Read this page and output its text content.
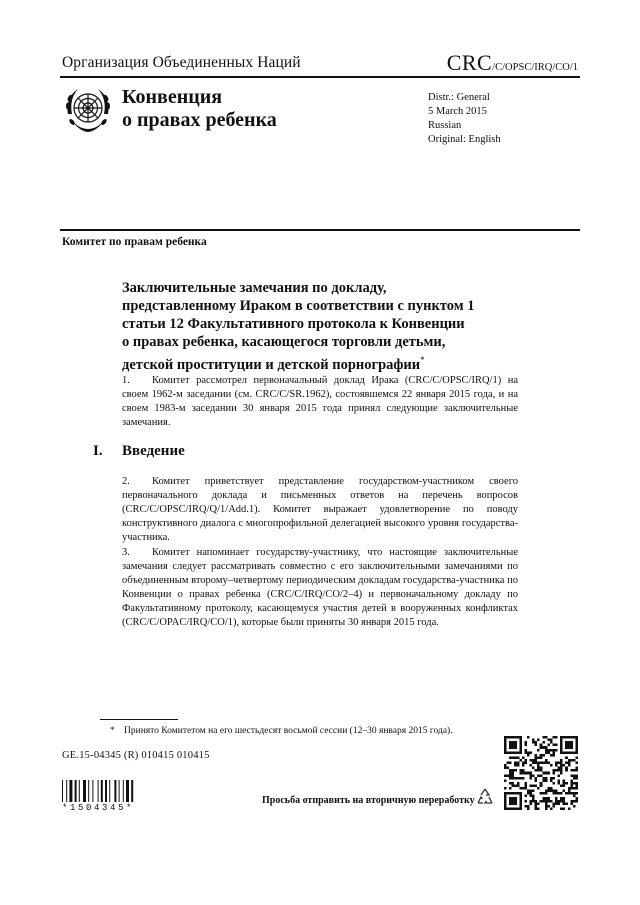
Организация Объединенных Наций	CRC/C/OPSC/IRQ/CO/1
Конвенция
о правах ребенка
Distr.: General
5 March 2015
Russian
Original: English
Комитет по правам ребенка
Заключительные замечания по докладу,
представленному Ираком в соответствии с пунктом 1
статьи 12 Факультативного протокола к Конвенции
о правах ребенка, касающегося торговли детьми,
детской проституции и детской порнографии*
1. Комитет рассмотрел первоначальный доклад Ирака (CRC/C/OPSC/IRQ/1) на своем 1962-м заседании (см. CRC/C/SR.1962), состоявшемся 22 января 2015 года, и на своем 1983-м заседании 30 января 2015 года принял следующие заключительные замечания.
I. Введение
2. Комитет приветствует представление государством-участником своего первоначального доклада и письменных ответов на перечень вопросов (CRC/C/OPSC/IRQ/Q/1/Add.1). Комитет выражает удовлетворение по поводу конструктивного диалога с многопрофильной делегацией высокого уровня государства-участника.
3. Комитет напоминает государству-участнику, что настоящие заключительные замечания следует рассматривать совместно с его заключительными замечаниями по объединенным второму–четвертому периодическим докладам государства-участника по Конвенции о правах ребенка (CRC/C/IRQ/CO/2–4) и первоначальному докладу по Факультативному протоколу, касающемуся участия детей в вооруженных конфликтах (CRC/C/OPAC/IRQ/CO/1), которые были приняты 30 января 2015 года.
* Принято Комитетом на его шестьдесят восьмой сессии (12–30 января 2015 года).
GE.15-04345 (R) 010415 010415
*1504345*
Просьба отправить на вторичную переработку
